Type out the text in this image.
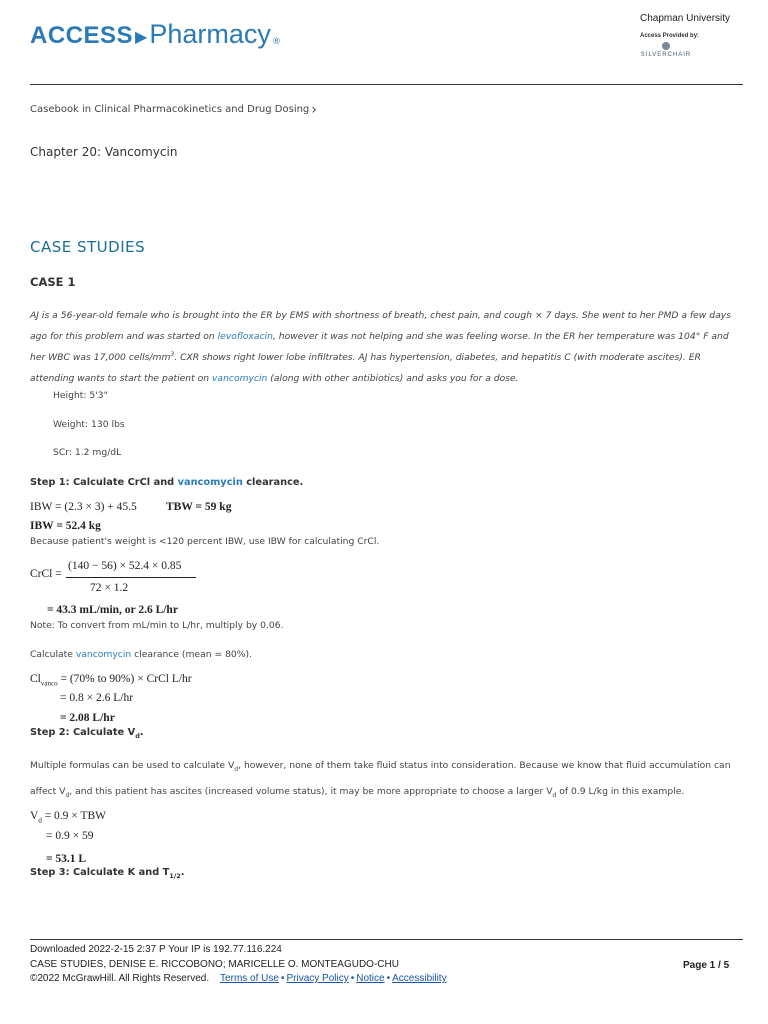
ACCESS ▶ Pharmacy ®
Chapman University
Access Provided by:
SILVERCHAIR
Casebook in Clinical Pharmacokinetics and Drug Dosing ›
Chapter 20: Vancomycin
CASE STUDIES
CASE 1
AJ is a 56-year-old female who is brought into the ER by EMS with shortness of breath, chest pain, and cough × 7 days. She went to her PMD a few days ago for this problem and was started on levofloxacin, however it was not helping and she was feeling worse. In the ER her temperature was 104° F and her WBC was 17,000 cells/$mm^3$. CXR shows right lower lobe infiltrates. AJ has hypertension, diabetes, and hepatitis C (with moderate ascites). ER attending wants to start the patient on vancomycin (along with other antibiotics) and asks you for a dose.
Height: 5'3"
Weight: 130 lbs
SCr: 1.2 mg/dL
Step 1: Calculate CrCl and vancomycin clearance.
IBW = (2.3 × 3) + 45.5	TBW = 59 kg
IBW = 52.4 kg
Because patient's weight is <120 percent IBW, use IBW for calculating CrCl.
CrCl =
(140 − 56) × 52.4 × 0.85
72 × 1.2
= 43.3 mL/min, or 2.6 L/hr
Note: To convert from mL/min to L/hr, multiply by 0.06.
Calculate vancomycin clearance (mean = 80%).
$Cl_{vanco} = (70\%$ to 90%) × CrCl L/hr
= 0.8 × 2.6 L/hr
= 2.08 L/hr
Step 2: Calculate $V_d$.
Multiple formulas can be used to calculate $V_d$, however, none of them take fluid status into consideration. Because we know that fluid accumulation can affect $V_d$, and this patient has ascites (increased volume status), it may be more appropriate to choose a larger $V_d$ of 0.9 L/kg in this example.
$V_d = 0.9$ × TBW
= 0.9 × 59
= 53.1 L
Step 3: Calculate K and $T_{1/2}$.
Downloaded 2022-2-15 2:37 P Your IP is 192.77.116.224
CASE STUDIES, DENISE E. RICCOBONO; MARICELLE O. MONTEAGUDO-CHU
©2022 McGrawHill. All Rights Reserved. Terms of Use • Privacy Policy • Notice • Accessibility
Page 1 / 5
